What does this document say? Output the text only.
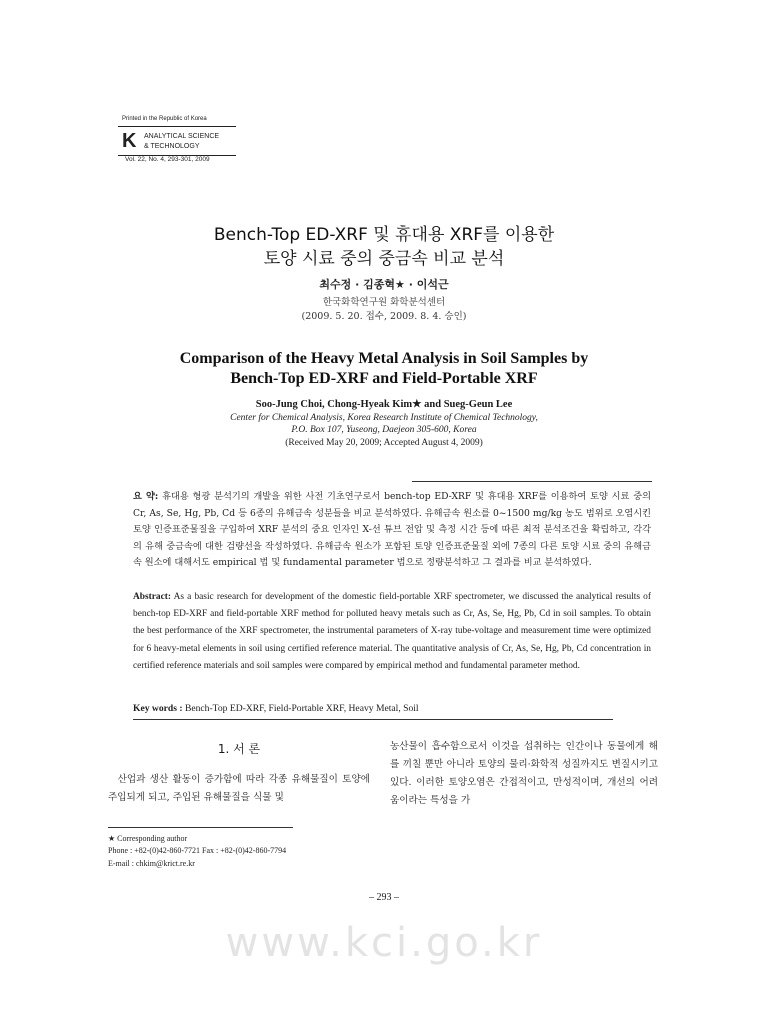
Printed in the Republic of Korea
K ANALYTICAL SCIENCE
& TECHNOLOGY
Vol. 22, No. 4, 293-301, 2009
Bench-Top ED-XRF 및 휴대용 XRF를 이용한
토양 시료 중의 중금속 비교 분석
최수정 · 김종혁★ · 이석근
한국화학연구원 화학분석센터
(2009. 5. 20. 접수, 2009. 8. 4. 승인)
Comparison of the Heavy Metal Analysis in Soil Samples by
Bench-Top ED-XRF and Field-Portable XRF
Soo-Jung Choi, Chong-Hyeak Kim★ and Sueg-Geun Lee
Center for Chemical Analysis, Korea Research Institute of Chemical Technology,
P.O. Box 107, Yuseong, Daejeon 305-600, Korea
(Received May 20, 2009; Accepted August 4, 2009)
요 약: 휴대용 형광 분석기의 개발을 위한 사전 기초연구로서 bench-top ED-XRF 및 휴대용 XRF를 이용하여 토양 시료 중의 Cr, As, Se, Hg, Pb, Cd 등 6종의 유해금속 성분들을 비교 분석하였다. 유해금속 원소를 0~1500 mg/kg 농도 범위로 오염시킨 토양 인증표준물질을 구입하여 XRF 분석의 중요 인자인 X-선 튜브 전압 및 측정 시간 등에 따른 최적 분석조건을 확립하고, 각각의 유해 중금속에 대한 검량선을 작성하였다. 유해금속 원소가 포함된 토양 인증표준물질 외에 7종의 다른 토양 시료 중의 유해금속 원소에 대해서도 empirical 법 및 fundamental parameter 법으로 정량분석하고 그 결과를 비교 분석하였다.
Abstract: As a basic research for development of the domestic field-portable XRF spectrometer, we discussed the analytical results of bench-top ED-XRF and field-portable XRF method for polluted heavy metals such as Cr, As, Se, Hg, Pb, Cd in soil samples. To obtain the best performance of the XRF spectrometer, the instrumental parameters of X-ray tube-voltage and measurement time were optimized for 6 heavy-metal elements in soil using certified reference material. The quantitative analysis of Cr, As, Se, Hg, Pb, Cd concentration in certified reference materials and soil samples were compared by empirical method and fundamental parameter method.
Key words : Bench-Top ED-XRF, Field-Portable XRF, Heavy Metal, Soil
1. 서 론
산업과 생산 활동이 증가함에 따라 각종 유해물질이 토양에 주입되게 되고, 주입된 유해물질을 식물 및
농산물이 흡수함으로서 이것을 섭취하는 인간이나 동물에게 해를 끼칠 뿐만 아니라 토양의 물리·화학적 성질까지도 변질시키고 있다. 이러한 토양오염은 간접적이고, 만성적이며, 개선의 어려움이라는 특성을 가
★ Corresponding author
Phone : +82-(0)42-860-7721 Fax : +82-(0)42-860-7794
E-mail : chkim@krict.re.kr
– 293 –
www.kci.go.kr
